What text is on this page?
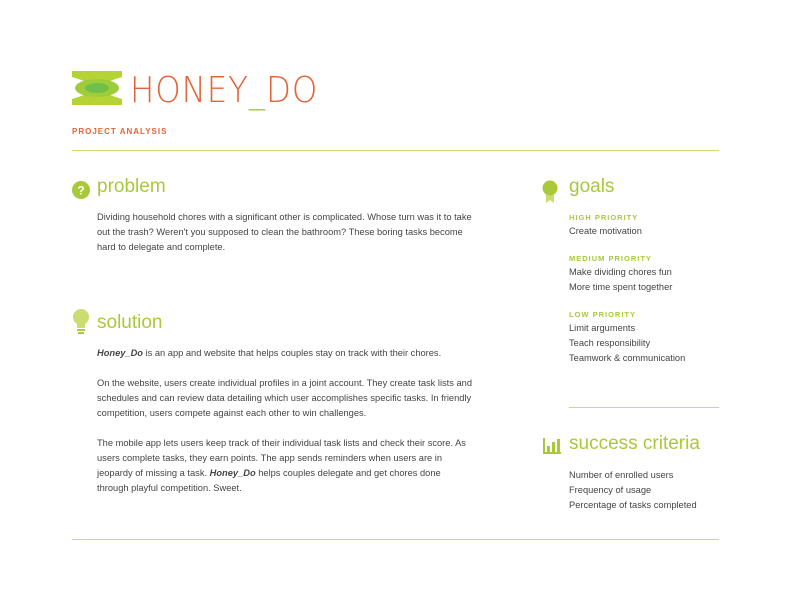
HONEY_DO
PROJECT ANALYSIS
? problem
Dividing household chores with a significant other is complicated. Whose turn was it to take out the trash? Weren't you supposed to clean the bathroom? These boring tasks become hard to delegate and complete.
solution
Honey_Do is an app and website that helps couples stay on track with their chores.
On the website, users create individual profiles in a joint account. They create task lists and schedules and can review data detailing which user accomplishes specific tasks. In friendly competition, users compete against each other to win challenges.
The mobile app lets users keep track of their individual task lists and check their score. As users complete tasks, they earn points. The app sends reminders when users are in jeopardy of missing a task. Honey_Do helps couples delegate and get chores done through playful competition. Sweet.
goals
HIGH PRIORITY
Create motivation
MEDIUM PRIORITY
Make dividing chores fun
More time spent together
LOW PRIORITY
Limit arguments
Teach responsibility
Teamwork & communication
success criteria
Number of enrolled users
Frequency of usage
Percentage of tasks completed
